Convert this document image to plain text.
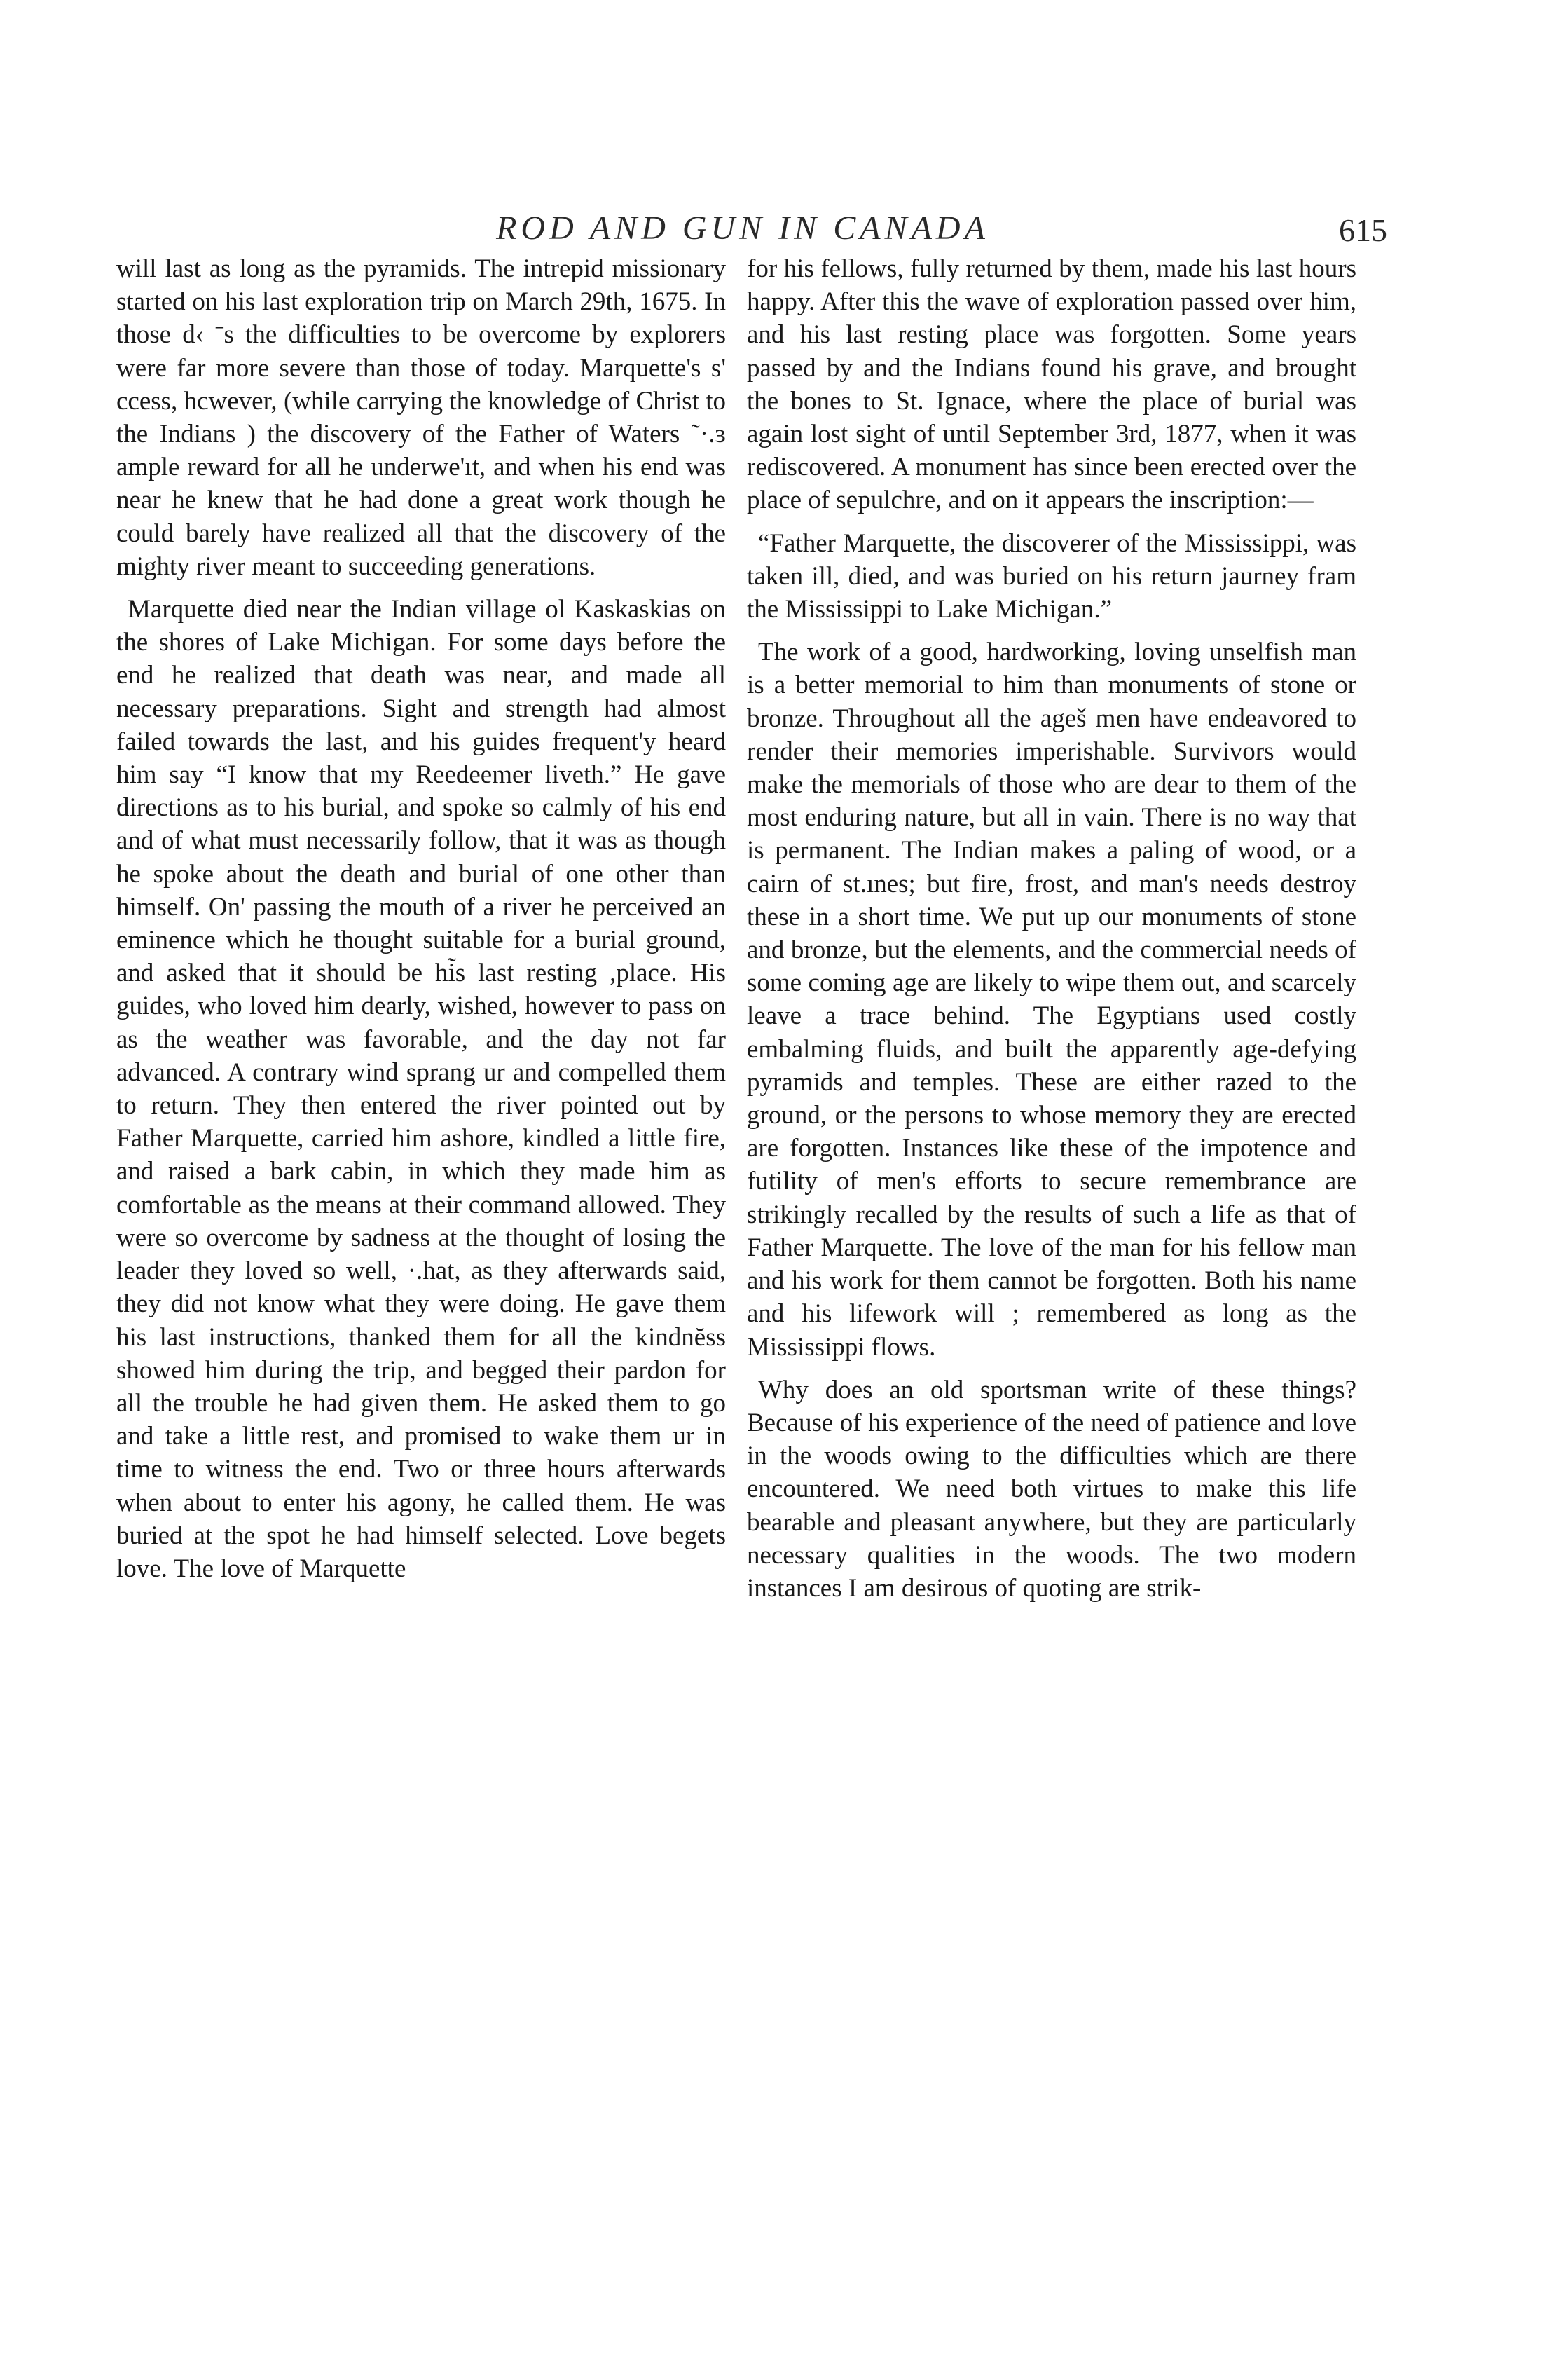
ROD AND GUN IN CANADA	615

will last as long as the pyramids. The intrepid missionary started on his last exploration trip on March 29th, 1675. In those d‹ ˉs the difficulties to be overcome by explorers were far more severe than those of today. Marquette's s' ccess, hcwever, (while carrying the knowledge of Christ to the Indians ) the discovery of the Father of Waters ˜·.ɜ ample reward for all he underwe'ıt, and when his end was near he knew that he had done a great work though he could barely have realized all that the discovery of the mighty river meant to succeeding generations.

Marquette died near the Indian village ol Kaskaskias on the shores of Lake Michigan. For some days before the end he realized that death was near, and made all necessary preparations. Sight and strength had almost failed towards the last, and his guides frequent'y heard him say “I know that my Reedeemer liveth.” He gave directions as to his burial, and spoke so calmly of his end and of what must necessarily follow, that it was as though he spoke about the death and burial of one other than himself. On' passing the mouth of a river he perceived an eminence which he thought suitable for a burial ground, and asked that it should be hi̇̃s last resting ,place. His guides, who loved him dearly, wished, however to pass on as the weather was favorable, and the day not far advanced. A contrary wind sprang ur and compelled them to return. They then entered the river pointed out by Father Marquette, carried him ashore, kindled a little fire, and raised a bark cabin, in which they made him as comfortable as the means at their command allowed. They were so overcome by sadness at the thought of losing the leader they loved so well, ·.hat, as they afterwards said, they did not know what they were doing. He gave them his last instructions, thanked them for all the kindnĕss showed him during the trip, and begged their pardon for all the trouble he had given them. He asked them to go and take a little rest, and promised to wake them ur in time to witness the end. Two or three hours afterwards when about to enter his agony, he called them. He was buried at the spot he had himself selected. Love begets love. The love of Marquette

for his fellows, fully returned by them, made his last hours happy. After this the wave of exploration passed over him, and his last resting place was forgotten. Some years passed by and the Indians found his grave, and brought the bones to St. Ignace, where the place of burial was again lost sight of until September 3rd, 1877, when it was rediscovered. A monument has since been erected over the place of sepulchre, and on it appears the inscription:—

“Father Marquette, the discoverer of the Mississippi, was taken ill, died, and was buried on his return jaurney fram the Mississippi to Lake Michigan.”

The work of a good, hardworking, loving unselfish man is a better memorial to him than monuments of stone or bronze. Throughout all the ageš men have endeavored to render their memories imperishable. Survivors would make the memorials of those who are dear to them of the most enduring nature, but all in vain. There is no way that is permanent. The Indian makes a paling of wood, or a cairn of st.ınes; but fire, frost, and man's needs destroy these in a short time. We put up our monuments of stone and bronze, but the elements, and the commercial needs of some coming age are likely to wipe them out, and scarcely leave a trace behind. The Egyptians used costly embalming fluids, and built the apparently age-defying pyramids and temples. These are either razed to the ground, or the persons to whose memory they are erected are forgotten. Instances like these of the impotence and futility of men's efforts to secure remembrance are strikingly recalled by the results of such a life as that of Father Marquette. The love of the man for his fellow man and his work for them cannot be forgotten. Both his name and his lifework will ; remembered as long as the Mississippi flows.

Why does an old sportsman write of these things? Because of his experience of the need of patience and love in the woods owing to the difficulties which are there encountered. We need both virtues to make this life bearable and pleasant anywhere, but they are particularly necessary qualities in the woods. The two modern instances I am desirous of quoting are strik-
